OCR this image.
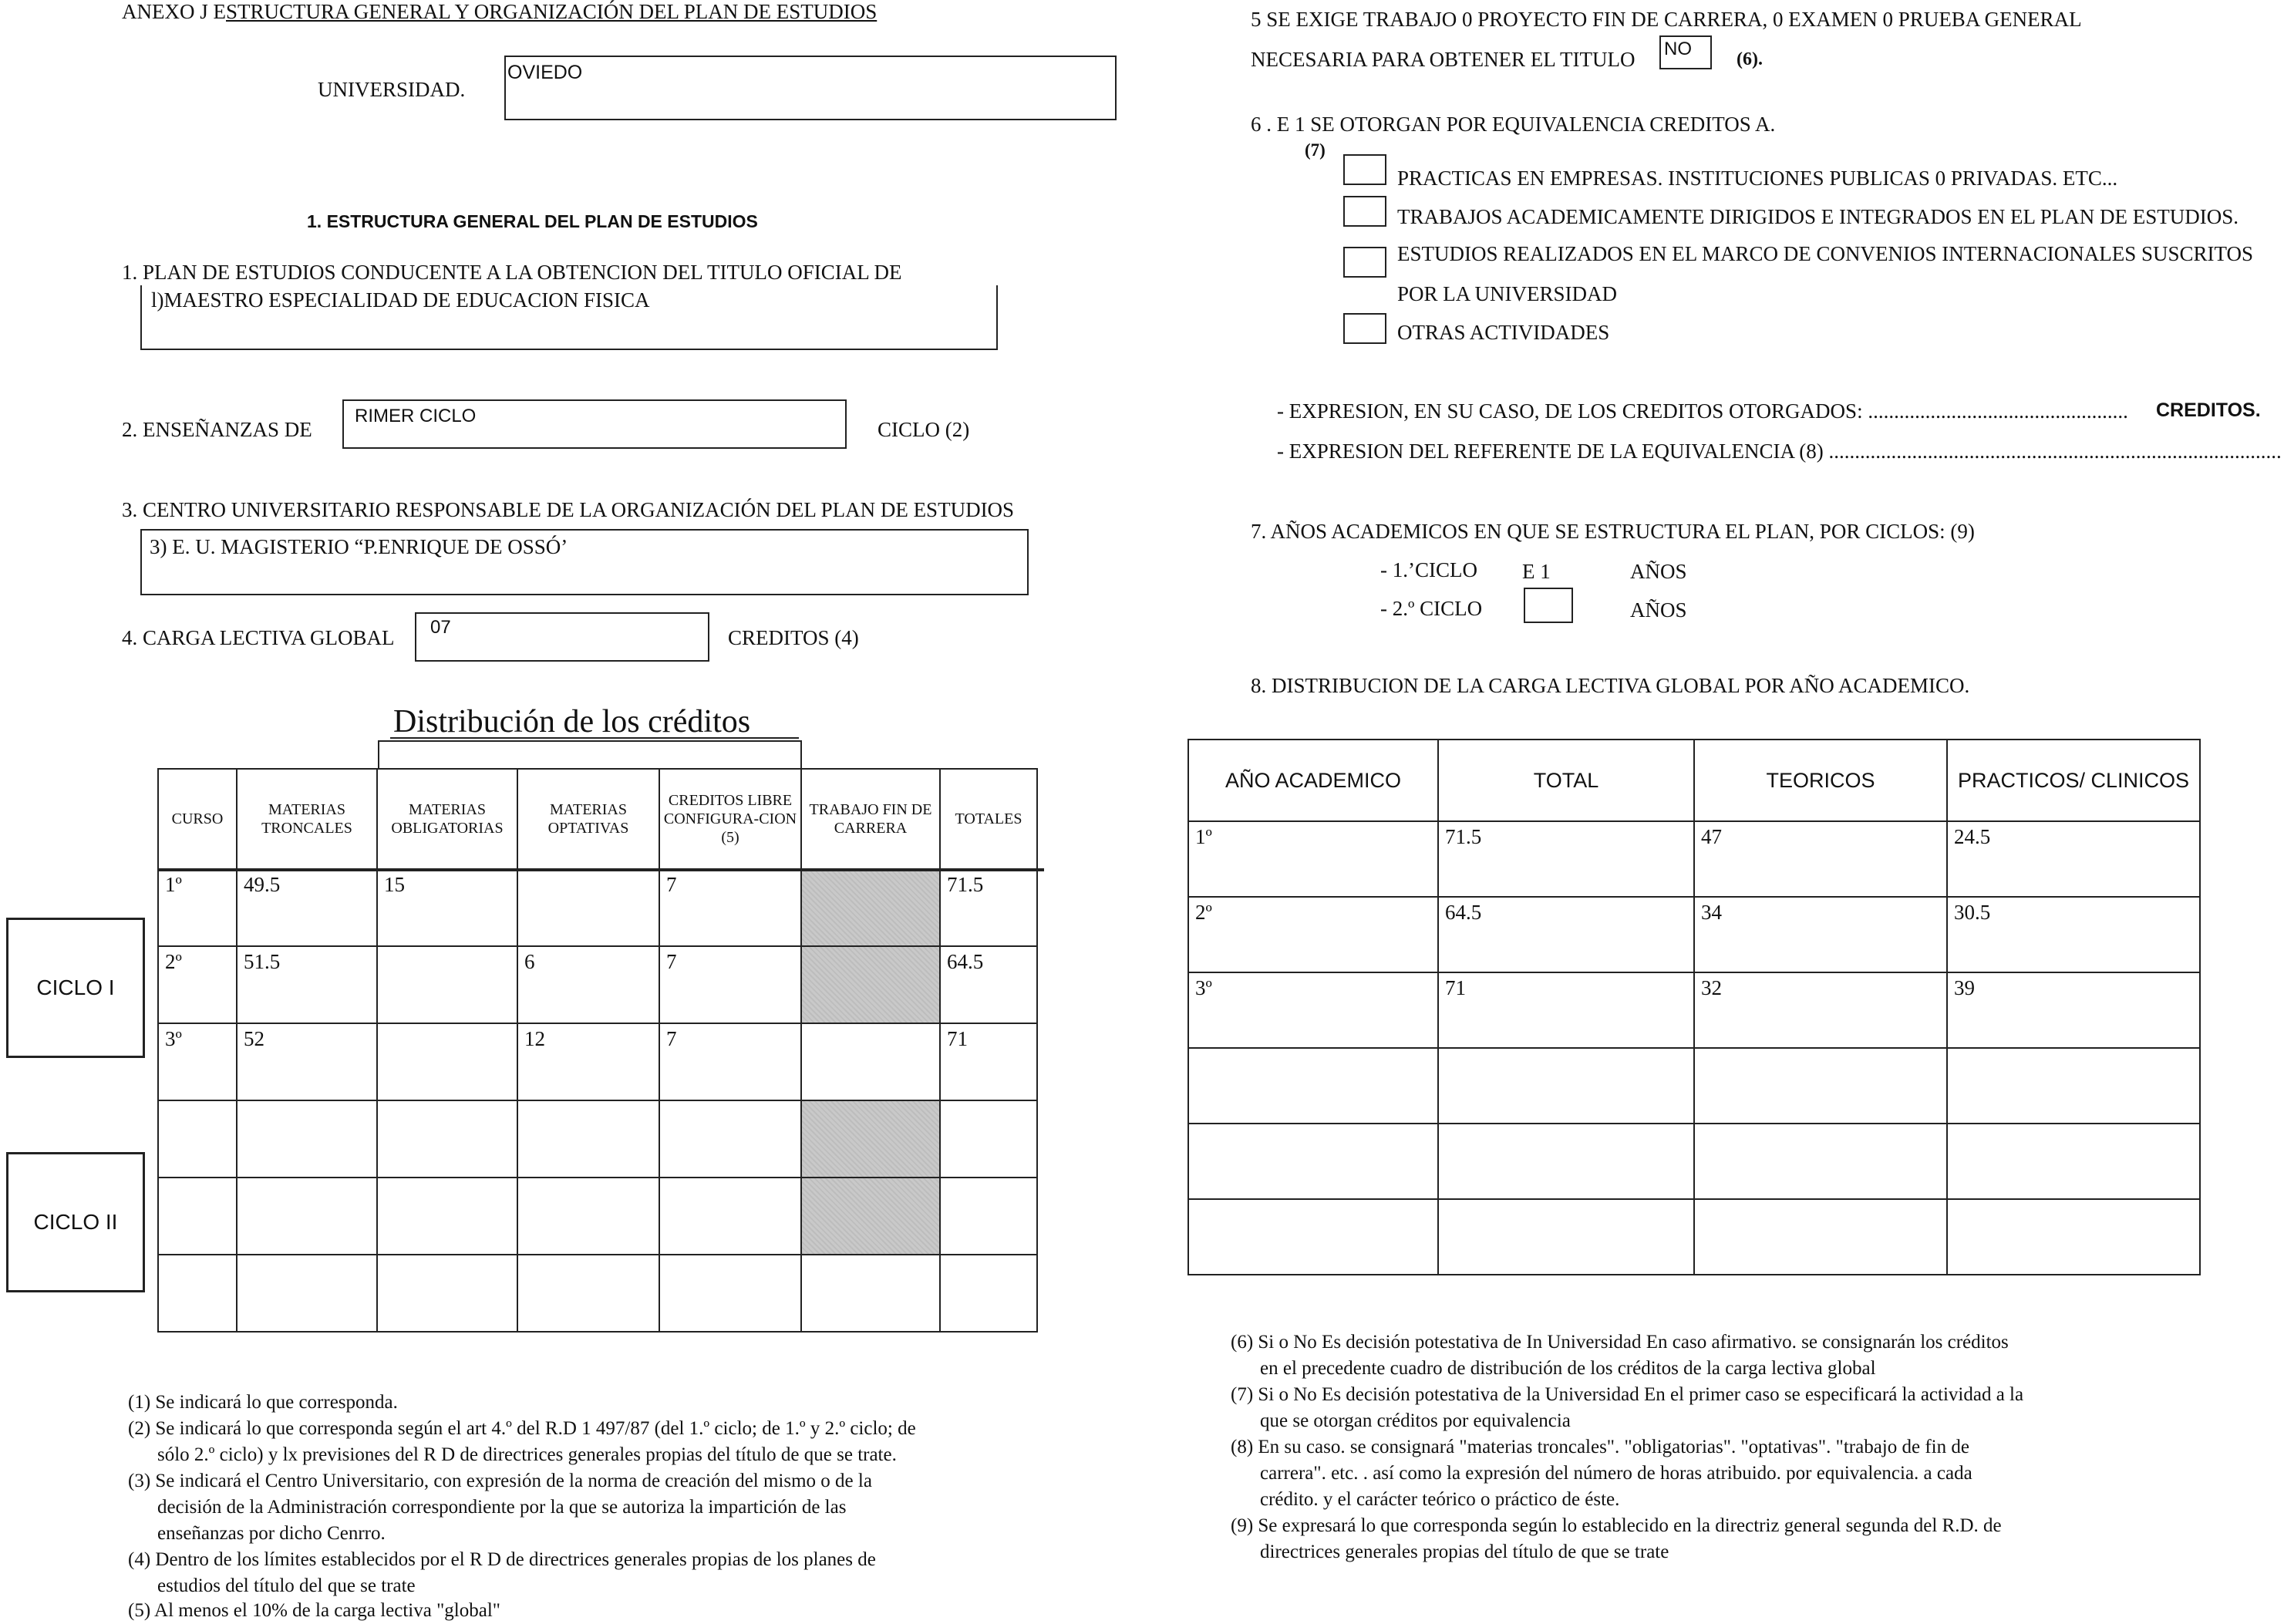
ANEXO J ESTRUCTURA GENERAL Y ORGANIZACIÓN DEL PLAN DE ESTUDIOS
UNIVERSIDAD.
OVIEDO
1. ESTRUCTURA GENERAL DEL PLAN DE ESTUDIOS
1. PLAN DE ESTUDIOS CONDUCENTE A LA OBTENCION DEL TITULO OFICIAL DE
l)MAESTRO ESPECIALIDAD DE EDUCACION FISICA
2. ENSEÑANZAS DE
RIMER CICLO
CICLO (2)
3. CENTRO UNIVERSITARIO RESPONSABLE DE LA ORGANIZACIÓN DEL PLAN DE ESTUDIOS
3) E. U. MAGISTERIO “P.ENRIQUE DE OSSÓ’
4. CARGA LECTIVA GLOBAL 07	CREDITOS (4)
Distribución de los créditos
CURSO	MATERIAS TRONCALES	MATERIAS OBLIGATORIAS	MATERIAS OPTATIVAS	CREDITOS LIBRE CONFIGURA-CION (5)	TRABAJO FIN DE CARRERA	TOTALES
1º	49.5	15		7		71.5
2º	51.5		6	7		64.5
3º	52		12	7		71

CICLO I
CICLO II
(1) Se indicará lo que corresponda.
(2) Se indicará lo que corresponda según el art 4.º del R.D 1 497/87 (del 1.º ciclo; de 1.º y 2.º ciclo; de
sólo 2.º ciclo) y lx previsiones del R D de directrices generales propias del título de que se trate.
(3) Se indicará el Centro Universitario, con expresión de la norma de creación del mismo o de la
decisión de la Administración correspondiente por la que se autoriza la impartición de las
enseñanzas por dicho Cenrro.
(4) Dentro de los límites establecidos por el R D de directrices generales propias de los planes de
estudios del título del que se trate
(5) Al menos el 10% de la carga lectiva "global"
5 SE EXIGE TRABAJO 0 PROYECTO FIN DE CARRERA, 0 EXAMEN 0 PRUEBA GENERAL
NECESARIA PARA OBTENER EL TITULO NO (6).
6 . E 1 SE OTORGAN POR EQUIVALENCIA CREDITOS A.
(7)
PRACTICAS EN EMPRESAS. INSTITUCIONES PUBLICAS 0 PRIVADAS. ETC...
TRABAJOS ACADEMICAMENTE DIRIGIDOS E INTEGRADOS EN EL PLAN DE ESTUDIOS.
ESTUDIOS REALIZADOS EN EL MARCO DE CONVENIOS INTERNACIONALES SUSCRITOS
POR LA UNIVERSIDAD
OTRAS ACTIVIDADES
- EXPRESION, EN SU CASO, DE LOS CREDITOS OTORGADOS: .................................................. CREDITOS.
- EXPRESION DEL REFERENTE DE LA EQUIVALENCIA (8) .......................................................................................
7. AÑOS ACADEMICOS EN QUE SE ESTRUCTURA EL PLAN, POR CICLOS: (9)
- 1.’CICLO E 1	AÑOS
- 2.º CICLO	AÑOS
8. DISTRIBUCION DE LA CARGA LECTIVA GLOBAL POR AÑO ACADEMICO.
AÑO ACADEMICO	TOTAL	TEORICOS	PRACTICOS/ CLINICOS
1º	71.5	47	24.5
2º	64.5	34	30.5
3º	71	32	39

(6) Si o No Es decisión potestativa de In Universidad En caso afirmativo. se consignarán los créditos
en el precedente cuadro de distribución de los créditos de la carga lectiva global
(7) Si o No Es decisión potestativa de la Universidad En el primer caso se especificará la actividad a la
que se otorgan créditos por equivalencia
(8) En su caso. se consignará "materias troncales". "obligatorias". "optativas". "trabajo de fin de
carrera". etc. . así como la expresión del número de horas atribuido. por equivalencia. a cada
crédito. y el carácter teórico o práctico de éste.
(9) Se expresará lo que corresponda según lo establecido en la directriz general segunda del R.D. de
directrices generales propias del título de que se trate
